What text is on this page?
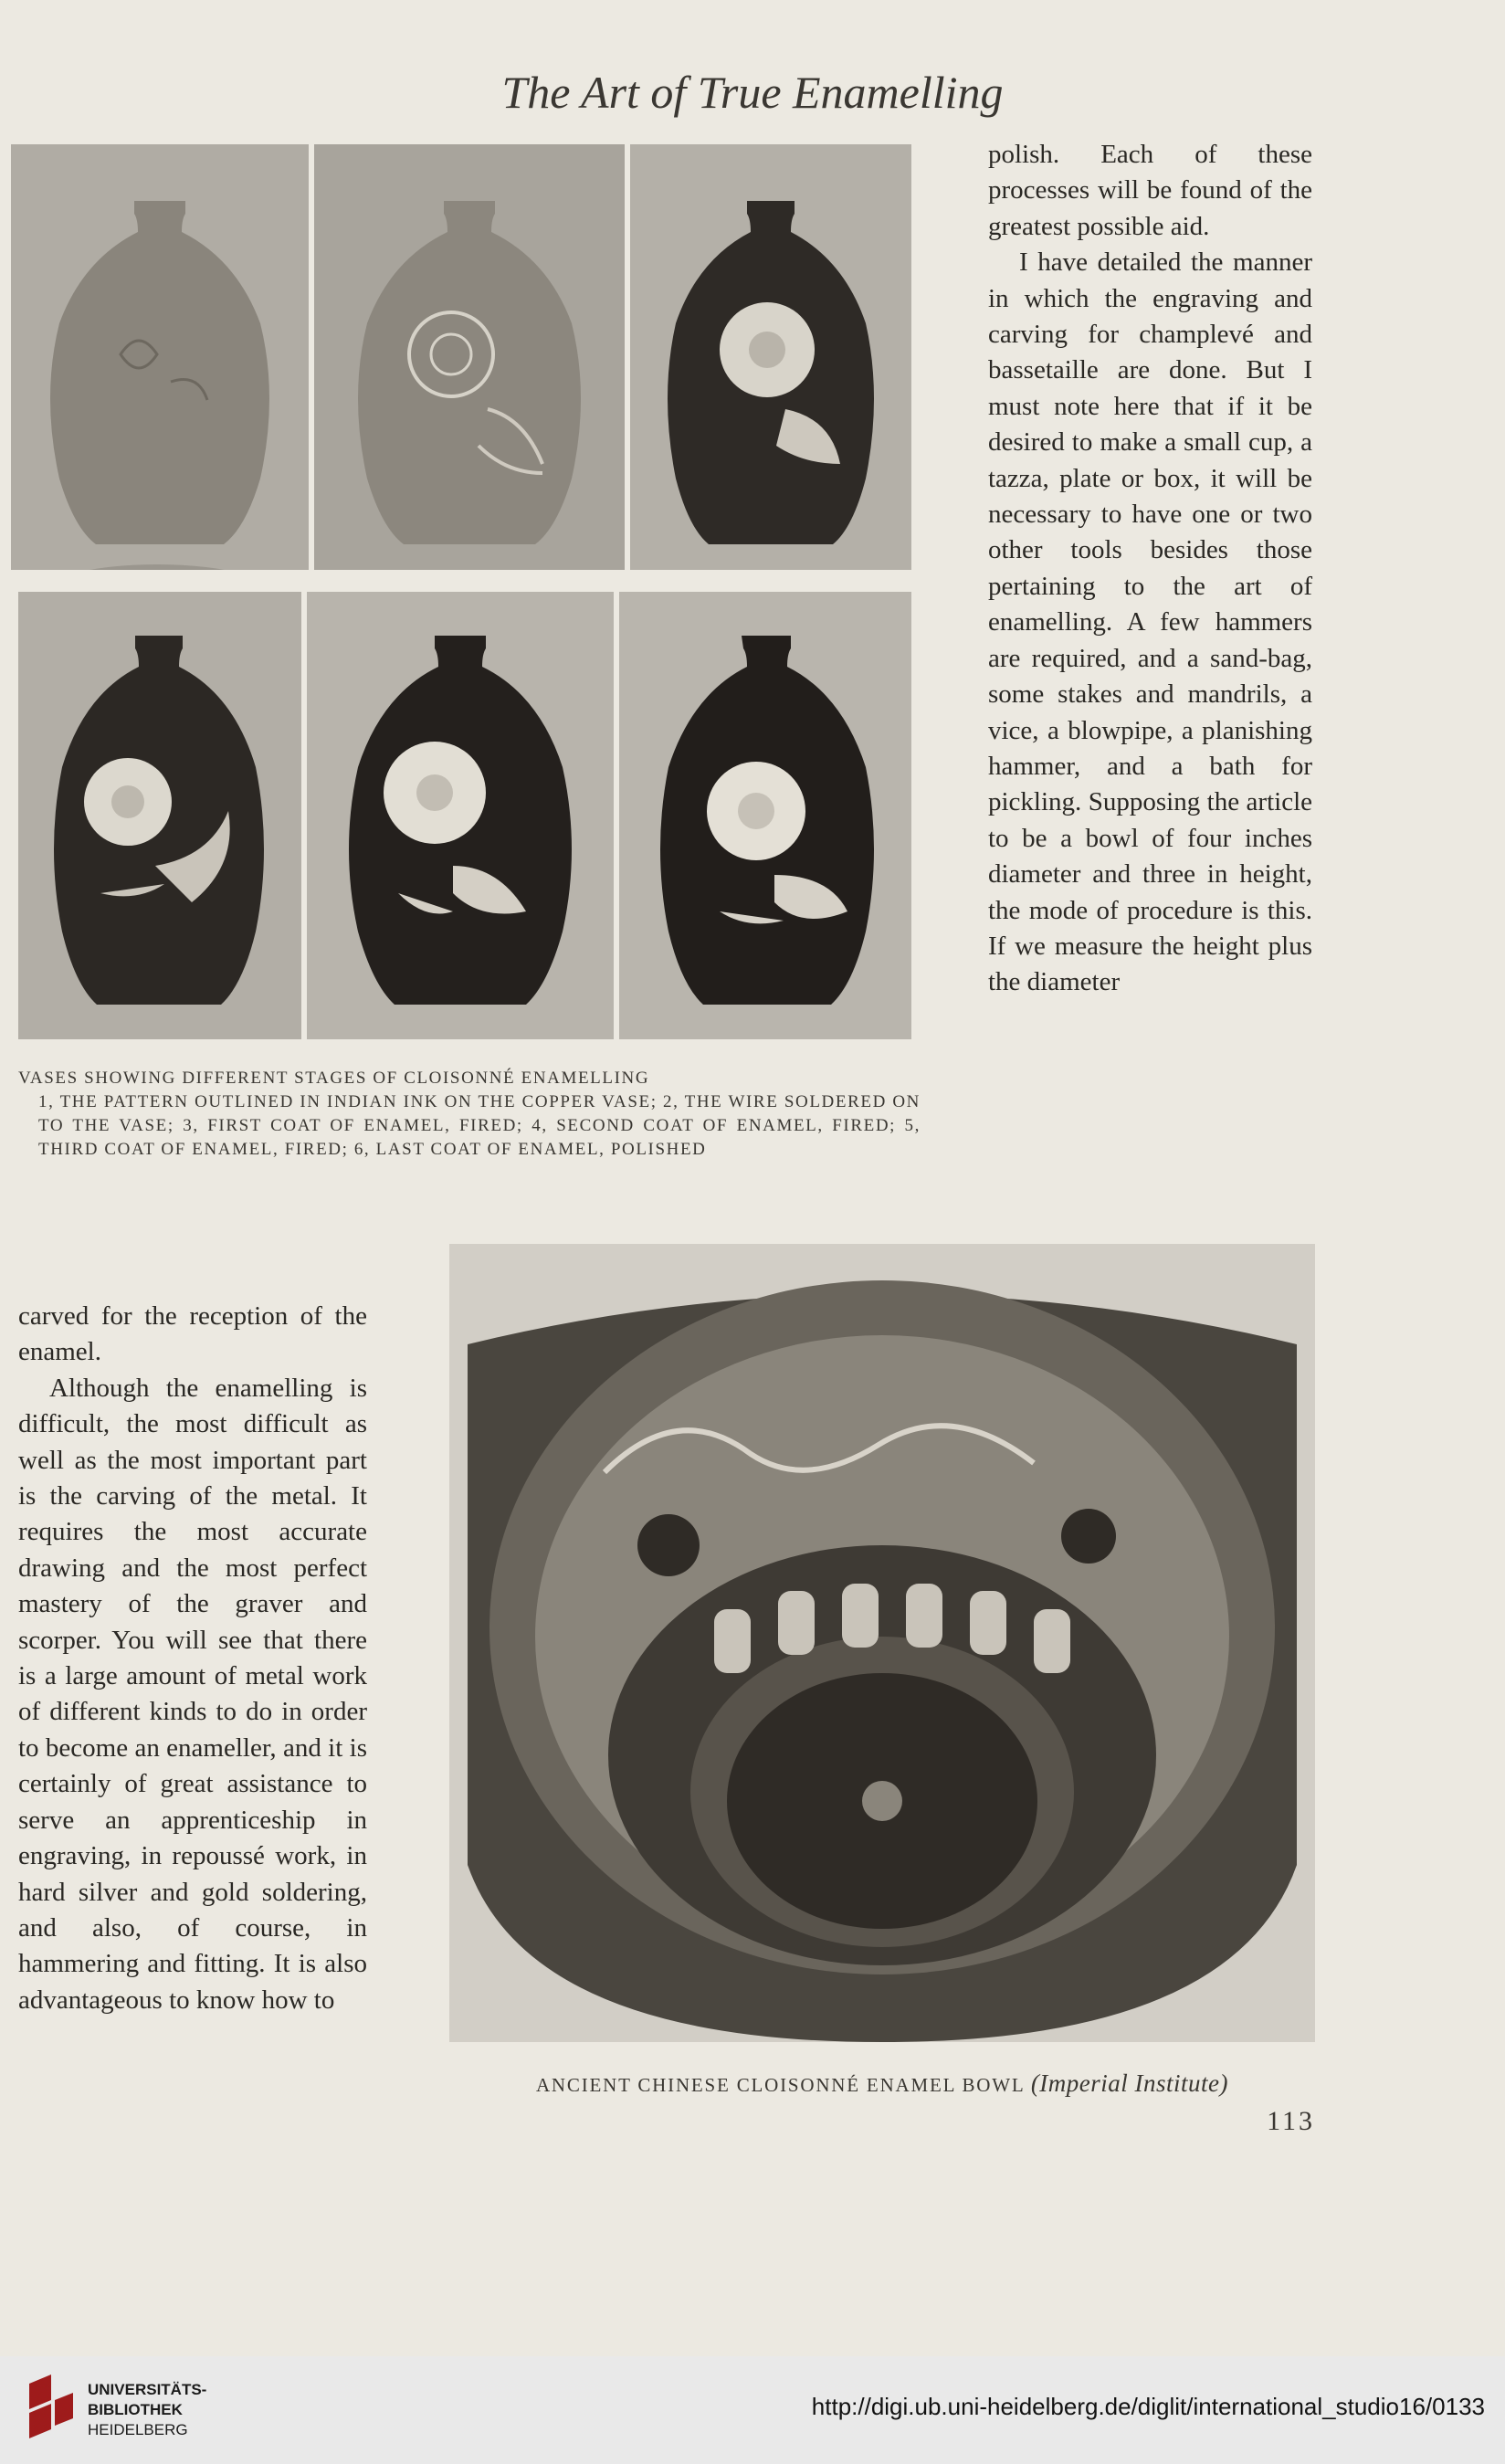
The Art of True Enamelling
VASES SHOWING DIFFERENT STAGES OF CLOISONNÉ ENAMELLING
1, THE PATTERN OUTLINED IN INDIAN INK ON THE COPPER VASE; 2, THE WIRE SOLDERED ON TO THE VASE; 3, FIRST COAT OF ENAMEL, FIRED; 4, SECOND COAT OF ENAMEL, FIRED; 5, THIRD COAT OF ENAMEL, FIRED; 6, LAST COAT OF ENAMEL, POLISHED

polish. Each of these processes will be found of the greatest possible aid.

I have detailed the manner in which the engraving and carving for champlevé and bassetaille are done. But I must note here that if it be desired to make a small cup, a tazza, plate or box, it will be necessary to have one or two other tools besides those pertaining to the art of enamelling. A few hammers are required, and a sand-bag, some stakes and mandrils, a vice, a blowpipe, a planishing hammer, and a bath for pickling. Supposing the article to be a bowl of four inches diameter and three in height, the mode of procedure is this. If we measure the height plus the diameter

carved for the reception of the enamel.

Although the enamelling is difficult, the most difficult as well as the most important part is the carving of the metal. It requires the most accurate drawing and the most perfect mastery of the graver and scorper. You will see that there is a large amount of metal work of different kinds to do in order to become an enameller, and it is certainly of great assistance to serve an apprenticeship in engraving, in repoussé work, in hard silver and gold soldering, and also, of course, in hammering and fitting. It is also advantageous to know how to

ANCIENT CHINESE CLOISONNÉ ENAMEL BOWL (Imperial Institute)
113
UNIVERSITÄTS-
BIBLIOTHEK
HEIDELBERG
http://digi.ub.uni-heidelberg.de/diglit/international_studio16/0133
